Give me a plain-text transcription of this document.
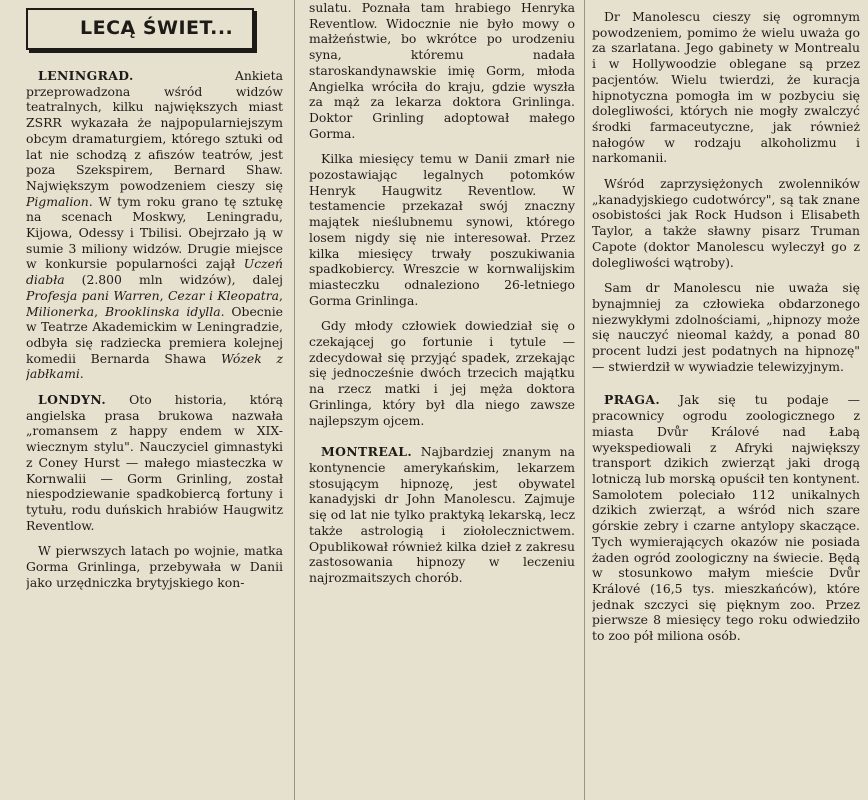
LECĄ ŚWIET...

LENINGRAD.	Ankieta przeprowadzona wśród widzów teatralnych, kilku największych miast ZSRR wykazała że najpopularniejszym obcym dramaturgiem, którego sztuki od lat nie schodzą z afiszów teatrów, jest poza Szekspirem, Bernard Shaw. Największym powodzeniem cieszy się Pigmalion. W tym roku grano tę sztukę na scenach Moskwy, Leningradu, Kijowa, Odessy i Tbilisi. Obejrzało ją w sumie 3 miliony widzów. Drugie miejsce w konkursie popularności zajął Uczeń diabła (2.800 mln widzów), dalej Profesja pani Warren, Cezar i Kleopatra, Milionerka, Brooklinska idylla. Obecnie w Teatrze Akademickim w Leningradzie, odbyła się radziecka premiera kolejnej komedii Bernarda Shawa Wózek z jabłkami.

LONDYN. Oto historia, którą angielska prasa brukowa nazwała „romansem z happy endem w XIX-wiecznym stylu". Nauczyciel gimnastyki z Coney Hurst — małego miasteczka w Kornwalii — Gorm Grinling, został niespodziewanie spadkobiercą fortuny i tytułu, rodu duńskich hrabiów Haugwitz Reventlow.

W pierwszych latach po wojnie, matka Gorma Grinlinga, przebywała w Danii jako urzędniczka brytyjskiego kon-

sulatu. Poznała tam hrabiego Henryka Reventlow. Widocznie nie było mowy o małżeństwie, bo wkrótce po urodzeniu syna, któremu nadała staroskandynawskie imię Gorm, młoda Angielka wróciła do kraju, gdzie wyszła za mąż za lekarza doktora Grinlinga. Doktor Grinling adoptował małego Gorma.

Kilka miesięcy temu w Danii zmarł nie pozostawiając legalnych potomków Henryk Haugwitz Reventlow. W testamencie przekazał swój znaczny majątek nieślubnemu synowi, którego losem nigdy się nie interesował. Przez kilka miesięcy trwały poszukiwania spadkobiercy. Wreszcie w kornwalijskim miasteczku odnaleziono 26-letniego Gorma Grinlinga.

Gdy młody człowiek dowiedział się o czekającej go fortunie i tytule — zdecydował się przyjąć spadek, zrzekając się jednocześnie dwóch trzecich majątku na rzecz matki i jej męża doktora Grinlinga, który był dla niego zawsze najlepszym ojcem.

MONTREAL. Najbardziej znanym na kontynencie amerykańskim, lekarzem stosującym hipnozę, jest obywatel kanadyjski dr John Manolescu. Zajmuje się od lat nie tylko praktyką lekarską, lecz także astrologią i ziołolecznictwem. Opublikował również kilka dzieł z zakresu zastosowania hipnozy w leczeniu najrozmaitszych chorób.

Dr Manolescu cieszy się ogromnym powodzeniem, pomimo że wielu uważa go za szarlatana. Jego gabinety w Montrealu i w Hollywoodzie oblegane są przez pacjentów. Wielu twierdzi, że kuracja hipnotyczna pomogła im w pozbyciu się dolegliwości, których nie mogły zwalczyć środki farmaceutyczne, jak również nałogów w rodzaju alkoholizmu i narkomanii.

Wśród zaprzysiężonych zwolenników „kanadyjskiego cudotwórcy", są tak znane osobistości jak Rock Hudson i Elisabeth Taylor, a także sławny pisarz Truman Capote (doktor Manolescu wyleczył go z dolegliwości wątroby).

Sam dr Manolescu nie uważa się bynajmniej za człowieka obdarzonego niezwykłymi zdolnościami, „hipnozy może się nauczyć nieomal każdy, a ponad 80 procent ludzi jest podatnych na hipnozę" — stwierdził w wywiadzie telewizyjnym.

PRAGA. Jak się tu podaje — pracownicy ogrodu zoologicznego z miasta Dvůr Králové nad Łabą wyekspediowali z Afryki największy transport dzikich zwierząt jaki drogą lotniczą lub morską opuścił ten kontynent. Samolotem poleciało 112 unikalnych dzikich zwierząt, a wśród nich szare górskie zebry i czarne antylopy skaczące. Tych wymierających okazów nie posiada żaden ogród zoologiczny na świecie. Będą w stosunkowo małym mieście Dvůr Králové (16,5 tys. mieszkańców), które jednak szczyci się pięknym zoo. Przez pierwsze 8 miesięcy tego roku odwiedziło to zoo pół miliona osób.
